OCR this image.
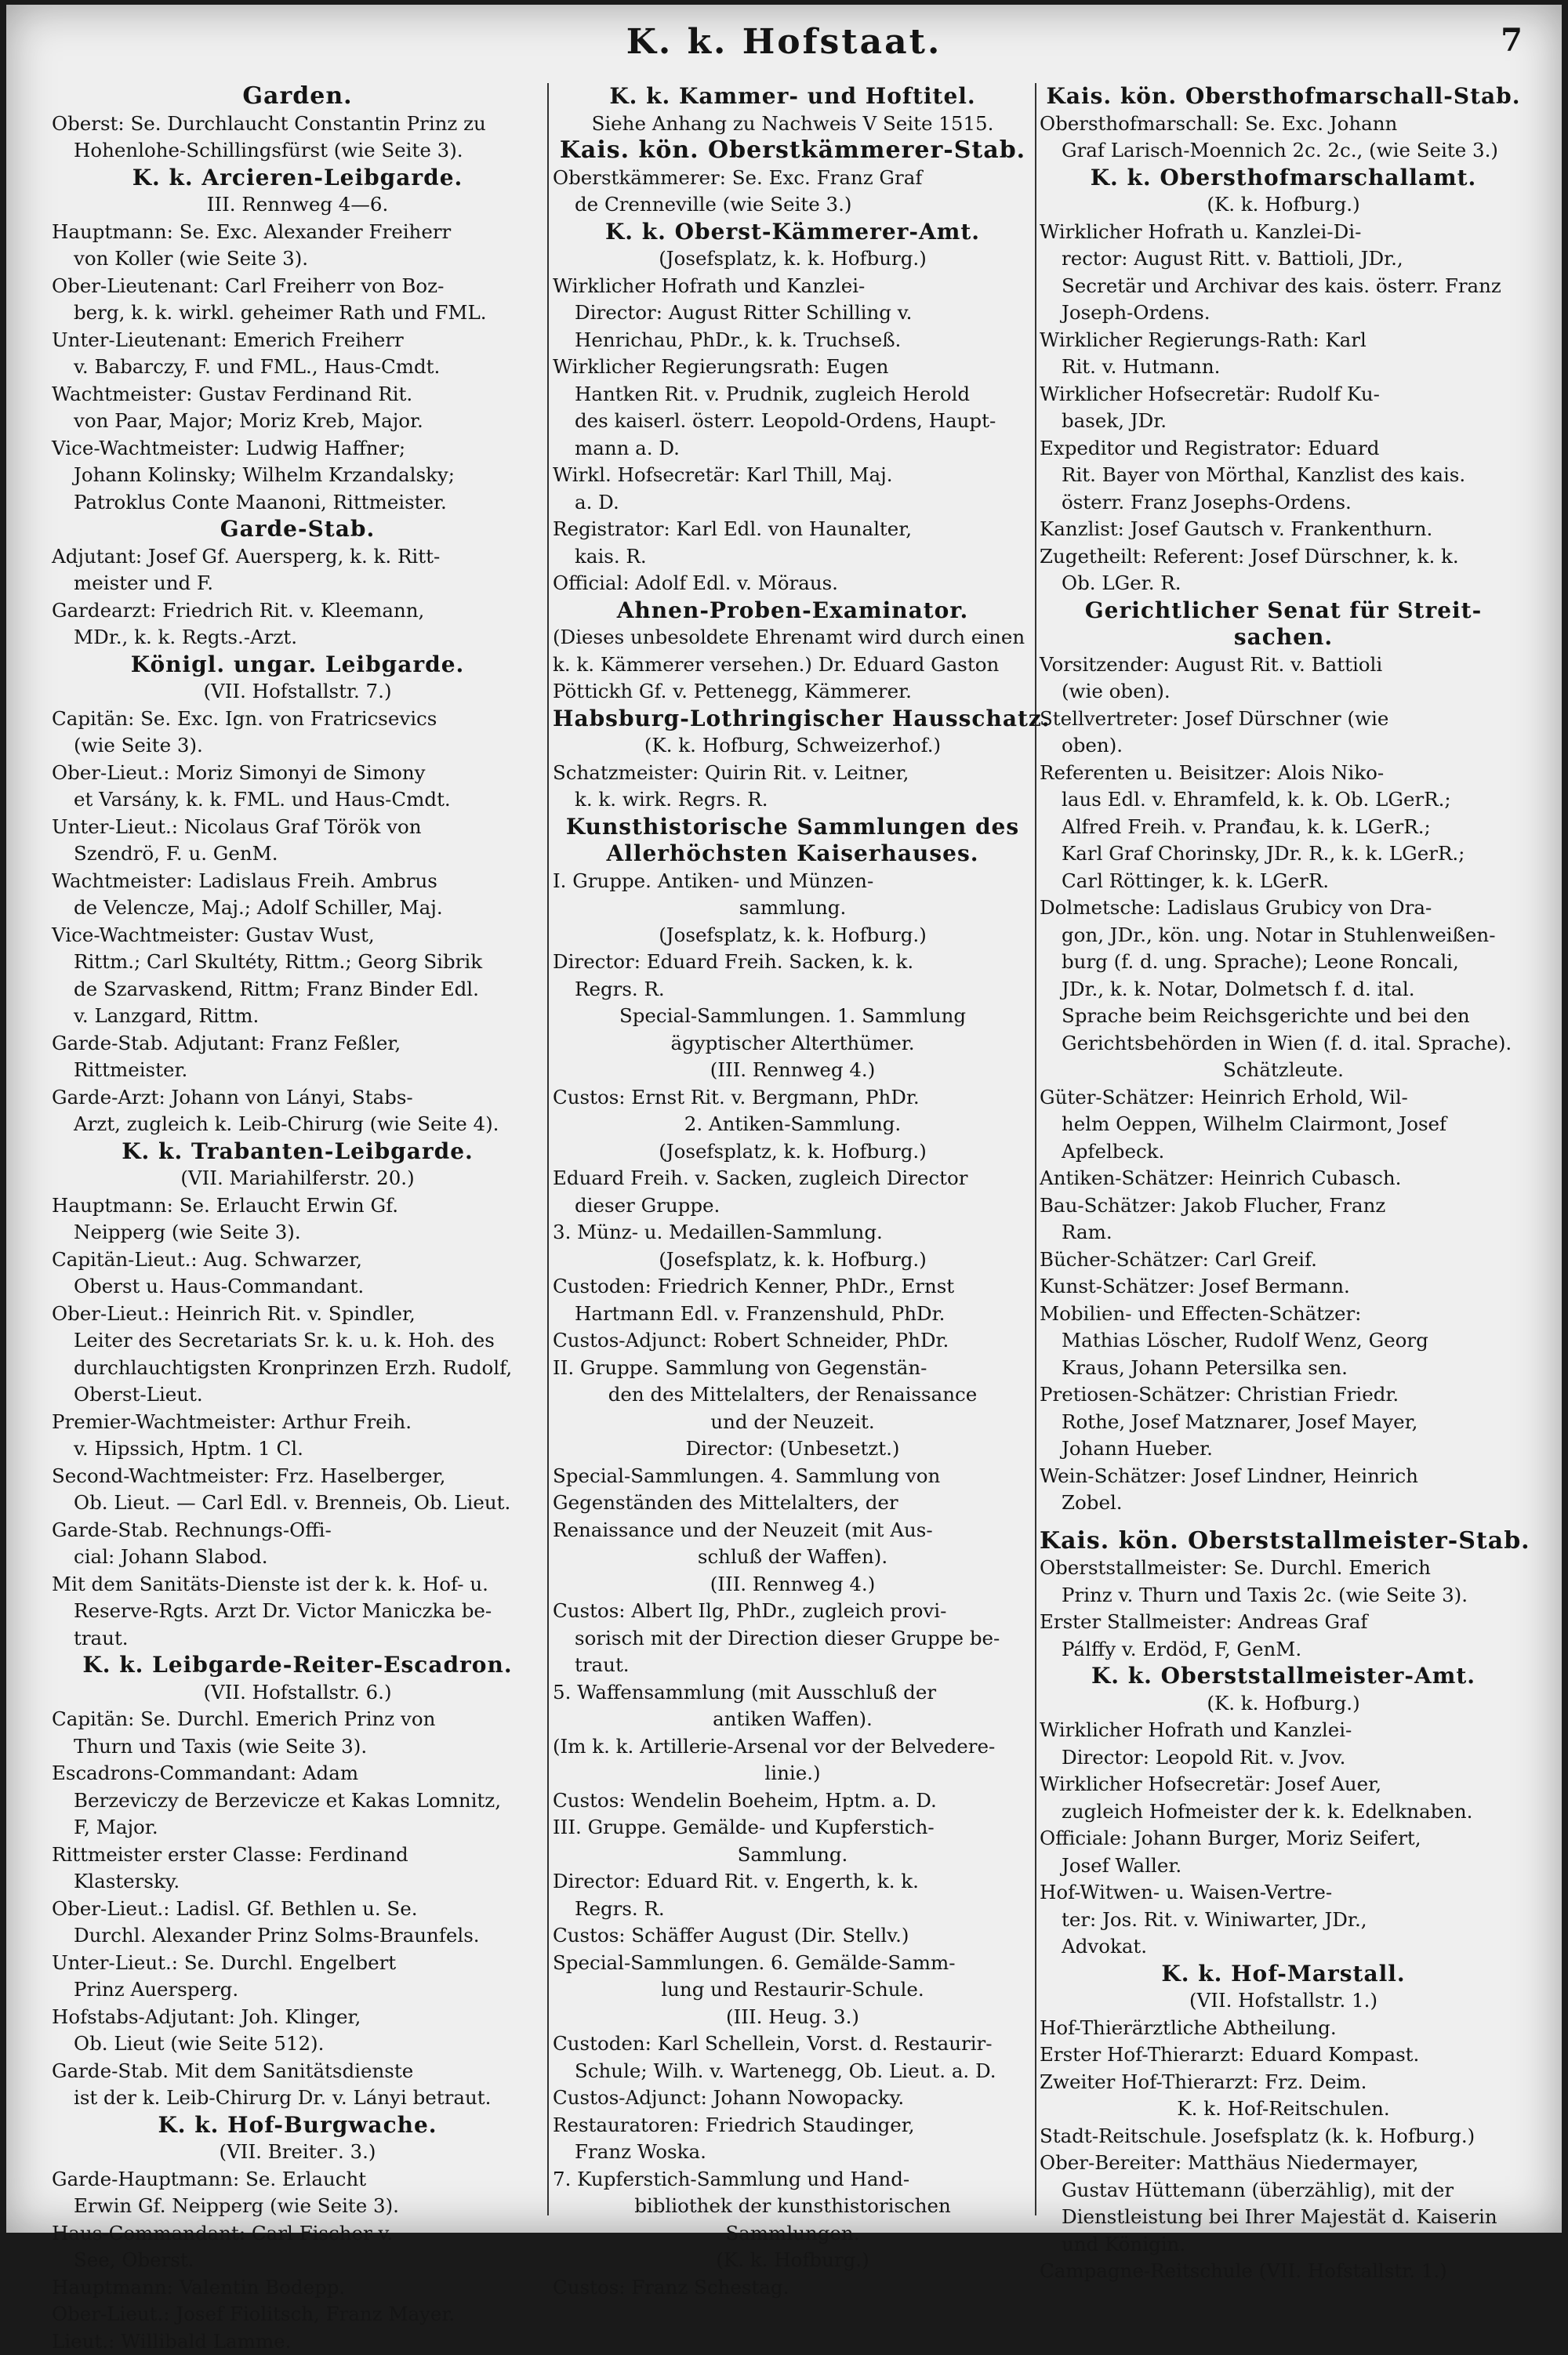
K. k. Hofstaat.	7
Garden.
Oberst: Se. Durchlaucht Constantin Prinz zu
Hohenlohe-Schillingsfürst (wie Seite 3).
K. k. Arcieren-Leibgarde.
III. Rennweg 4—6.
Hauptmann: Se. Exc. Alexander Freiherr
von Koller (wie Seite 3).
Ober-Lieutenant: Carl Freiherr von Boz-
berg, k. k. wirkl. geheimer Rath und FML.
Unter-Lieutenant: Emerich Freiherr
v. Babarczy, F. und FML., Haus-Cmdt.
Wachtmeister: Gustav Ferdinand Rit.
von Paar, Major; Moriz Kreb, Major.
Vice-Wachtmeister: Ludwig Haffner;
Johann Kolinsky; Wilhelm Krzandalsky;
Patroklus Conte Maanoni, Rittmeister.
Garde-Stab.
Adjutant: Josef Gf. Auersperg, k. k. Ritt-
meister und F.
Gardearzt: Friedrich Rit. v. Kleemann,
MDr., k. k. Regts.-Arzt.
Königl. ungar. Leibgarde.
(VII. Hofstallstr. 7.)
Capitän: Se. Exc. Ign. von Fratricsevics
(wie Seite 3).
Ober-Lieut.: Moriz Simonyi de Simony
et Varsány, k. k. FML. und Haus-Cmdt.
Unter-Lieut.: Nicolaus Graf Török von
Szendrö, F. u. GenM.
Wachtmeister: Ladislaus Freih. Ambrus
de Velencze, Maj.; Adolf Schiller, Maj.
Vice-Wachtmeister: Gustav Wust,
Rittm.; Carl Skultéty, Rittm.; Georg Sibrik
de Szarvaskend, Rittm; Franz Binder Edl.
v. Lanzgard, Rittm.
Garde-Stab. Adjutant: Franz Feßler,
Rittmeister.
Garde-Arzt: Johann von Lányi, Stabs-
Arzt, zugleich k. Leib-Chirurg (wie Seite 4).
K. k. Trabanten-Leibgarde.
(VII. Mariahilferstr. 20.)
Hauptmann: Se. Erlaucht Erwin Gf.
Neipperg (wie Seite 3).
Capitän-Lieut.: Aug. Schwarzer,
Oberst u. Haus-Commandant.
Ober-Lieut.: Heinrich Rit. v. Spindler,
Leiter des Secretariats Sr. k. u. k. Hoh. des
durchlauchtigsten Kronprinzen Erzh. Rudolf,
Oberst-Lieut.
Premier-Wachtmeister: Arthur Freih.
v. Hipssich, Hptm. 1 Cl.
Second-Wachtmeister: Frz. Haselberger,
Ob. Lieut. — Carl Edl. v. Brenneis, Ob. Lieut.
Garde-Stab. Rechnungs-Offi-
cial: Johann Slabod.
Mit dem Sanitäts-Dienste ist der k. k. Hof- u.
Reserve-Rgts. Arzt Dr. Victor Maniczka be-
traut.
K. k. Leibgarde-Reiter-Escadron.
(VII. Hofstallstr. 6.)
Capitän: Se. Durchl. Emerich Prinz von
Thurn und Taxis (wie Seite 3).
Escadrons-Commandant: Adam
Berzeviczy de Berzevicze et Kakas Lomnitz,
F, Major.
Rittmeister erster Classe: Ferdinand
Klastersky.
Ober-Lieut.: Ladisl. Gf. Bethlen u. Se.
Durchl. Alexander Prinz Solms-Braunfels.
Unter-Lieut.: Se. Durchl. Engelbert
Prinz Auersperg.
Hofstabs-Adjutant: Joh. Klinger,
Ob. Lieut (wie Seite 512).
Garde-Stab. Mit dem Sanitätsdienste
ist der k. Leib-Chirurg Dr. v. Lányi betraut.
K. k. Hof-Burgwache.
(VII. Breitег. 3.)
Garde-Hauptmann: Se. Erlaucht
Erwin Gf. Neipperg (wie Seite 3).
Haus-Commandant: Carl Fischer v.
See, Oberst.
Hauptmann: Valentin Bodepp.
Ober-Lieut.: Josef Fiolitsch, Franz Mayer.
Lieut.: Willibald Lamme.
K. k. Kammer- und Hoftitel.
Siehe Anhang zu Nachweis V Seite 1515.
Kais. kön. Oberstkämmerer-Stab.
Oberstkämmerer: Se. Exc. Franz Graf
de Crenneville (wie Seite 3.)
K. k. Oberst-Kämmerer-Amt.
(Josefsplatz, k. k. Hofburg.)
Wirklicher Hofrath und Kanzlei-
Director: August Ritter Schilling v.
Henrichau, PhDr., k. k. Truchseß.
Wirklicher Regierungsrath: Eugen
Hantken Rit. v. Prudnik, zugleich Herold
des kaiserl. österr. Leopold-Ordens, Haupt-
mann a. D.
Wirkl. Hofsecretär: Karl Thill, Maj.
a. D.
Registrator: Karl Edl. von Haunalter,
kais. R.
Official: Adolf Edl. v. Möraus.
Ahnen-Proben-Examinator.
(Dieses unbesoldete Ehrenamt wird durch einen
k. k. Kämmerer versehen.) Dr. Eduard Gaston
Pöttickh Gf. v. Pettenegg, Kämmerer.
Habsburg-Lothringischer Hausschatz.
(K. k. Hofburg, Schweizerhof.)
Schatzmeister: Quirin Rit. v. Leitner,
k. k. wirk. Regrs. R.
Kunsthistorische Sammlungen des
Allerhöchsten Kaiserhauses.
I. Gruppe. Antiken- und Münzen-
sammlung.
(Josefsplatz, k. k. Hofburg.)
Director: Eduard Freih. Sacken, k. k.
Regrs. R.
Special-Sammlungen. 1. Sammlung
ägyptischer Alterthümer.
(III. Rennweg 4.)
Custos: Ernst Rit. v. Bergmann, PhDr.
2. Antiken-Sammlung.
(Josefsplatz, k. k. Hofburg.)
Eduard Freih. v. Sacken, zugleich Director
dieser Gruppe.
3. Münz- u. Medaillen-Sammlung.
(Josefsplatz, k. k. Hofburg.)
Custoden: Friedrich Kenner, PhDr., Ernst
Hartmann Edl. v. Franzenshuld, PhDr.
Custos-Adjunct: Robert Schneider, PhDr.
II. Gruppe. Sammlung von Gegenstän-
den des Mittelalters, der Renaissance
und der Neuzeit.
Director: (Unbesetzt.)
Special-Sammlungen. 4. Sammlung von
Gegenständen des Mittelalters, der
Renaissance und der Neuzeit (mit Aus-
schluß der Waffen).
(III. Rennweg 4.)
Custos: Albert Ilg, PhDr., zugleich provi-
sorisch mit der Direction dieser Gruppe be-
traut.
5. Waffensammlung (mit Ausschluß der
antiken Waffen).
(Im k. k. Artillerie-Arsenal vor der Belvedere-
linie.)
Custos: Wendelin Boeheim, Hptm. a. D.
III. Gruppe. Gemälde- und Kupferstich-
Sammlung.
Director: Eduard Rit. v. Engerth, k. k.
Regrs. R.
Custos: Schäffer August (Dir. Stellv.)
Special-Sammlungen. 6. Gemälde-Samm-
lung und Restaurir-Schule.
(III. Heug. 3.)
Custoden: Karl Schellein, Vorst. d. Restaurir-
Schule; Wilh. v. Wartenegg, Ob. Lieut. a. D.
Custos-Adjunct: Johann Nowopacky.
Restauratoren: Friedrich Staudinger,
Franz Woska.
7. Kupferstich-Sammlung und Hand-
bibliothek der kunsthistorischen
Sammlungen.
(K. k. Hofburg.)
Custos: Franz Schestag.
Kais. kön. Obersthofmarschall-Stab.
Obersthofmarschall: Se. Exc. Johann
Graf Larisch-Moennich 2c. 2c., (wie Seite 3.)
K. k. Obersthofmarschallamt.
(K. k. Hofburg.)
Wirklicher Hofrath u. Kanzlei-Di-
rector: August Ritt. v. Battioli, JDr.,
Secretär und Archivar des kais. österr. Franz
Joseph-Ordens.
Wirklicher Regierungs-Rath: Karl
Rit. v. Hutmann.
Wirklicher Hofsecretär: Rudolf Ku-
basek, JDr.
Expeditor und Registrator: Eduard
Rit. Bayer von Mörthal, Kanzlist des kais.
österr. Franz Josephs-Ordens.
Kanzlist: Josef Gautsch v. Frankenthurn.
Zugetheilt: Referent: Josef Dürschner, k. k.
Ob. LGer. R.
Gerichtlicher Senat für Streit-
sachen.
Vorsitzender: August Rit. v. Battioli
(wie oben).
Stellvertreter: Josef Dürschner (wie
oben).
Referenten u. Beisitzer: Alois Niko-
laus Edl. v. Ehramfeld, k. k. Ob. LGerR.;
Alfred Freih. v. Pranđau, k. k. LGerR.;
Karl Graf Chorinsky, JDr. R., k. k. LGerR.;
Carl Röttinger, k. k. LGerR.
Dolmetsche: Ladislaus Grubicy von Dra-
gon, JDr., kön. ung. Notar in Stuhlenweißen-
burg (f. d. ung. Sprache); Leone Roncali,
JDr., k. k. Notar, Dolmetsch f. d. ital.
Sprache beim Reichsgerichte und bei den
Gerichtsbehörden in Wien (f. d. ital. Sprache).
Schätzleute.
Güter-Schätzer: Heinrich Erhold, Wil-
helm Oeppen, Wilhelm Clairmont, Josef
Apfelbeck.
Antiken-Schätzer: Heinrich Cubasch.
Bau-Schätzer: Jakob Flucher, Franz
Ram.
Bücher-Schätzer: Carl Greif.
Kunst-Schätzer: Josef Bermann.
Mobilien- und Effecten-Schätzer:
Mathias Löscher, Rudolf Wenz, Georg
Kraus, Johann Petersilka sen.
Pretiosen-Schätzer: Christian Friedr.
Rothe, Josef Matznarer, Josef Mayer,
Johann Hueber.
Wein-Schätzer: Josef Lindner, Heinrich
Zobel.
Kais. kön. Oberststallmeister-Stab.
Oberststallmeister: Se. Durchl. Emerich
Prinz v. Thurn und Taxis 2c. (wie Seite 3).
Erster Stallmeister: Andreas Graf
Pálffy v. Erdöd, F, GenM.
K. k. Oberststallmeister-Amt.
(K. k. Hofburg.)
Wirklicher Hofrath und Kanzlei-
Director: Leopold Rit. v. Jvov.
Wirklicher Hofsecretär: Josef Auer,
zugleich Hofmeister der k. k. Edelknaben.
Officiale: Johann Burger, Moriz Seifert,
Josef Waller.
Hof-Witwen- u. Waisen-Vertre-
ter: Jos. Rit. v. Winiwarter, JDr.,
Advokat.
K. k. Hof-Marstall.
(VII. Hofstallstr. 1.)
Hof-Thierärztliche Abtheilung.
Erster Hof-Thierarzt: Eduard Kompast.
Zweiter Hof-Thierarzt: Frz. Deim.
K. k. Hof-Reitschulen.
Stadt-Reitschule. Josefsplatz (k. k. Hofburg.)
Ober-Bereiter: Matthäus Niedermayer,
Gustav Hüttemann (überzählig), mit der
Dienstleistung bei Ihrer Majestät d. Kaiserin
und Königin.
Campagne-Reitschule (VII. Hofstallstr. 1.)
